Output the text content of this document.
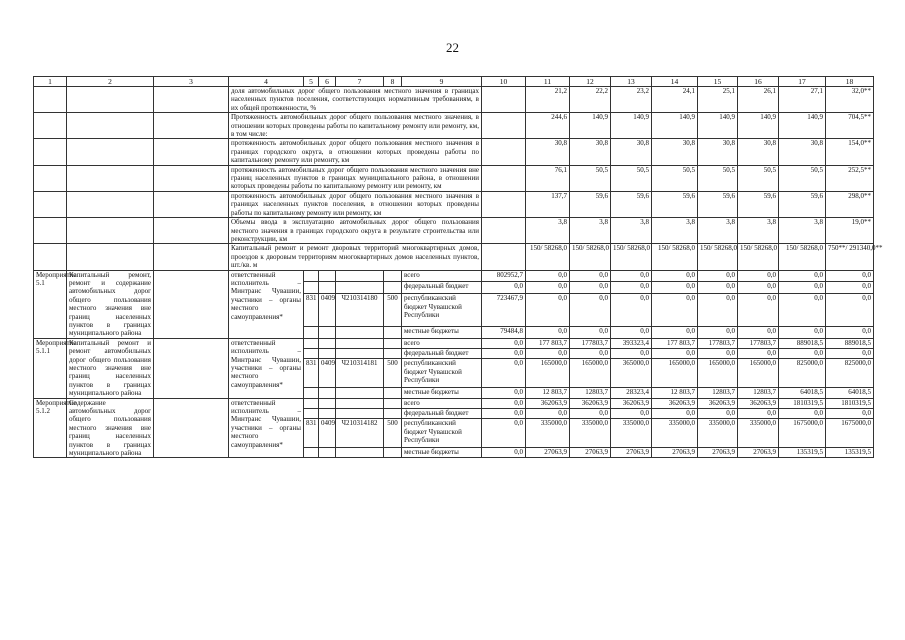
22
1	2	3	4	5	6	7	8	9	10	11	12	13	14	15	16	17	18	
			доля автомобильных дорог общего пользования местного значения в границах населенных пунктов поселения, соответствующих нормативным требованиям, в их общей протяженности, %							21,2	22,2	23,2	24,1	25,1	26,1	27,1	32,0**	
			Протяженность автомобильных дорог общего пользования местного значения, в отношении которых проведены работы по капитальному ремонту или ремонту, км, в том числе:							244,6	140,9	140,9	140,9	140,9	140,9	140,9	704,5**	
			протяженность автомобильных дорог общего пользования местного значения в границах городского округа, в отношении которых проведены работы по капитальному ремонту или ремонту, км							30,8	30,8	30,8	30,8	30,8	30,8	30,8	154,0**	
			протяженность автомобильных дорог общего пользования местного значения вне границ населенных пунктов в границах муниципального района, в отношении которых проведены работы по капитальному ремонту или ремонту, км							76,1	50,5	50,5	50,5	50,5	50,5	50,5	252,5**	
			протяженность автомобильных дорог общего пользования местного значения в границах населенных пунктов поселения, в отношении которых проведены работы по капитальному ремонту или ремонту, км							137,7	59,6	59,6	59,6	59,6	59,6	59,6	298,0**	
			Объемы ввода в эксплуатацию автомобильных дорог общего пользования местного значения в границах городского округа в результате строительства или реконструкции, км							3,8	3,8	3,8	3,8	3,8	3,8	3,8	19,0**	
			Капитальный ремонт и ремонт дворовых территорий многоквартирных домов, проездов к дворовым территориям многоквартирных домов населенных пунктов, шт./кв. м							150/ 58268,0	150/ 58268,0	150/ 58268,0	150/ 58268,0	150/ 58268,0	150/ 58268,0	150/ 58268,0	750**/ 291340,0**	
Мероприятие 5.1	Капитальный ремонт, ремонт и содержание автомобильных дорог общего пользования местного значения вне границ населенных пунктов в границах муниципального района		ответственный исполнитель – Минтранс Чувашии, участники – органы местного самоуправления*					всего	802952,7	0,0	0,0	0,0	0,0	0,0	0,0	0,0	0,0	
								федеральный бюджет	0,0	0,0	0,0	0,0	0,0	0,0	0,0	0,0	0,0	
				831	0409	Ч210314180	500	республиканский бюджет Чувашской Республики	723467,9	0,0	0,0	0,0	0,0	0,0	0,0	0,0	0,0	
								местные бюджеты	79484,8	0,0	0,0	0,0	0,0	0,0	0,0	0,0	0,0	
Мероприятие 5.1.1	Капитальный ремонт и ремонт автомобильных дорог общего пользования местного значения вне границ населенных пунктов в границах муниципального района		ответственный исполнитель – Минтранс Чувашии, участники – органы местного самоуправления*					всего	0,0	177 803,7	177803,7	393323,4	177 803,7	177803,7	177803,7	889018,5	889018,5	
								федеральный бюджет	0,0	0,0	0,0	0,0	0,0	0,0	0,0	0,0	0,0	
				831	0409	Ч210314181	500	республиканский бюджет Чувашской Республики	0,0	165000,0	165000,0	365000,0	165000,0	165000,0	165000,0	825000,0	825000,0	
								местные бюджеты	0,0	12 803,7	12803,7	28323,4	12 803,7	12803,7	12803,7	64018,5	64018,5	
Мероприятие 5.1.2	Содержание автомобильных дорог общего пользования местного значения вне границ населенных пунктов в границах муниципального района		ответственный исполнитель – Минтранс Чувашии, участники – органы местного самоуправления*					всего	0,0	362063,9	362063,9	362063,9	362063,9	362063,9	362063,9	1810319,5	1810319,5	
								федеральный бюджет	0,0	0,0	0,0	0,0	0,0	0,0	0,0	0,0	0,0	
				831	0409	Ч210314182	500	республиканский бюджет Чувашской Республики	0,0	335000,0	335000,0	335000,0	335000,0	335000,0	335000,0	1675000,0	1675000,0	
								местные бюджеты	0,0	27063,9	27063,9	27063,9	27063,9	27063,9	27063,9	135319,5	135319,5	
